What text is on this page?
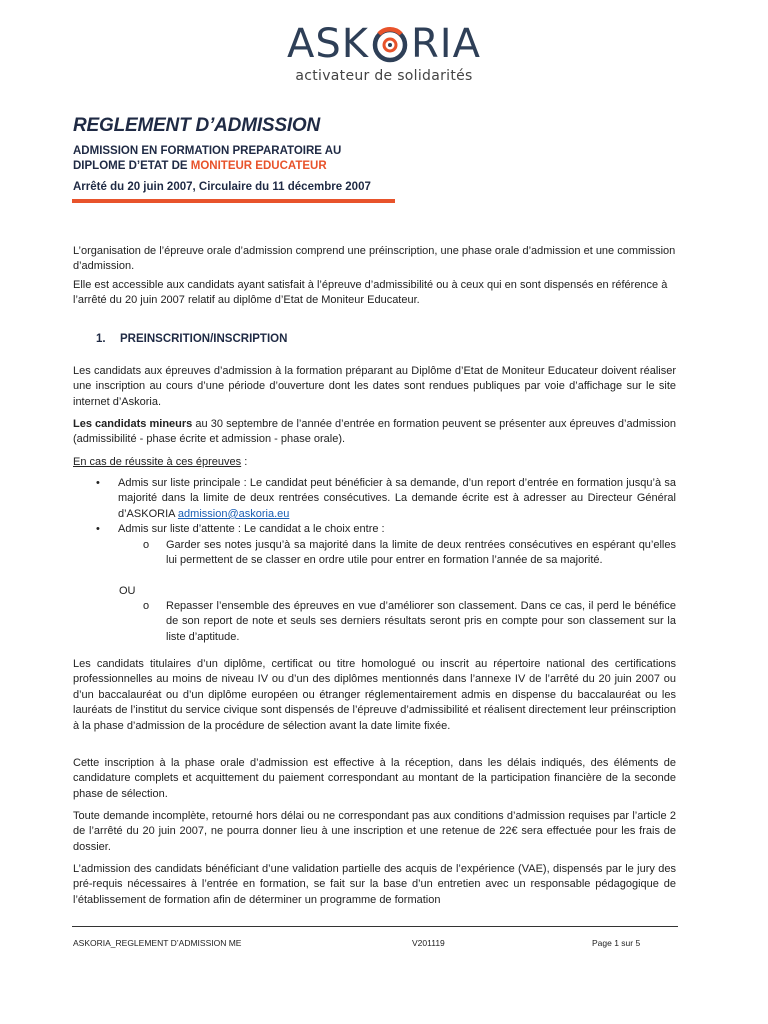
ASK RIA
activateur de solidarités
REGLEMENT D’ADMISSION
ADMISSION EN FORMATION PREPARATOIRE AU
DIPLOME D’ETAT DE MONITEUR EDUCATEUR
Arrêté du 20 juin 2007, Circulaire du 11 décembre 2007

L’organisation de l’épreuve orale d’admission comprend une préinscription, une phase orale d’admission et une commission d’admission.

Elle est accessible aux candidats ayant satisfait à l’épreuve d’admissibilité ou à ceux qui en sont dispensés en référence à l’arrêté du 20 juin 2007 relatif au diplôme d’Etat de Moniteur Educateur.

1. PREINSCRITION/INSCRIPTION

Les candidats aux épreuves d’admission à la formation préparant au Diplôme d’Etat de Moniteur Educateur doivent réaliser une inscription au cours d’une période d’ouverture dont les dates sont rendues publiques par voie d’affichage sur le site internet d’Askoria.

Les candidats mineurs au 30 septembre de l’année d’entrée en formation peuvent se présenter aux épreuves d’admission (admissibilité - phase écrite et admission - phase orale).

En cas de réussite à ces épreuves :

•	Admis sur liste principale : Le candidat peut bénéficier à sa demande, d’un report d’entrée en formation jusqu’à sa majorité dans la limite de deux rentrées consécutives. La demande écrite est à adresser au Directeur Général d’ASKORIA admission@askoria.eu
•	Admis sur liste d’attente : Le candidat a le choix entre :
o	Garder ses notes jusqu’à sa majorité dans la limite de deux rentrées consécutives en espérant qu’elles lui permettent de se classer en ordre utile pour entrer en formation l’année de sa majorité.
OU
o	Repasser l’ensemble des épreuves en vue d’améliorer son classement. Dans ce cas, il perd le bénéfice de son report de note et seuls ses derniers résultats seront pris en compte pour son classement sur la liste d’aptitude.

Les candidats titulaires d’un diplôme, certificat ou titre homologué ou inscrit au répertoire national des certifications professionnelles au moins de niveau IV ou d’un des diplômes mentionnés dans l’annexe IV de l’arrêté du 20 juin 2007 ou d’un baccalauréat ou d’un diplôme européen ou étranger réglementairement admis en dispense du baccalauréat ou les lauréats de l’institut du service civique sont dispensés de l’épreuve d’admissibilité et réalisent directement leur préinscription à la phase d’admission de la procédure de sélection avant la date limite fixée.

Cette inscription à la phase orale d’admission est effective à la réception, dans les délais indiqués, des éléments de candidature complets et acquittement du paiement correspondant au montant de la participation financière de la seconde phase de sélection.

Toute demande incomplète, retourné hors délai ou ne correspondant pas aux conditions d’admission requises par l’article 2 de l’arrêté du 20 juin 2007, ne pourra donner lieu à une inscription et une retenue de 22€ sera effectuée pour les frais de dossier.

L’admission des candidats bénéficiant d’une validation partielle des acquis de l’expérience (VAE), dispensés par le jury des pré-requis nécessaires à l’entrée en formation, se fait sur la base d’un entretien avec un responsable pédagogique de l’établissement de formation afin de déterminer un programme de formation

ASKORIA_REGLEMENT D’ADMISSION ME	V201119	Page 1 sur 5
